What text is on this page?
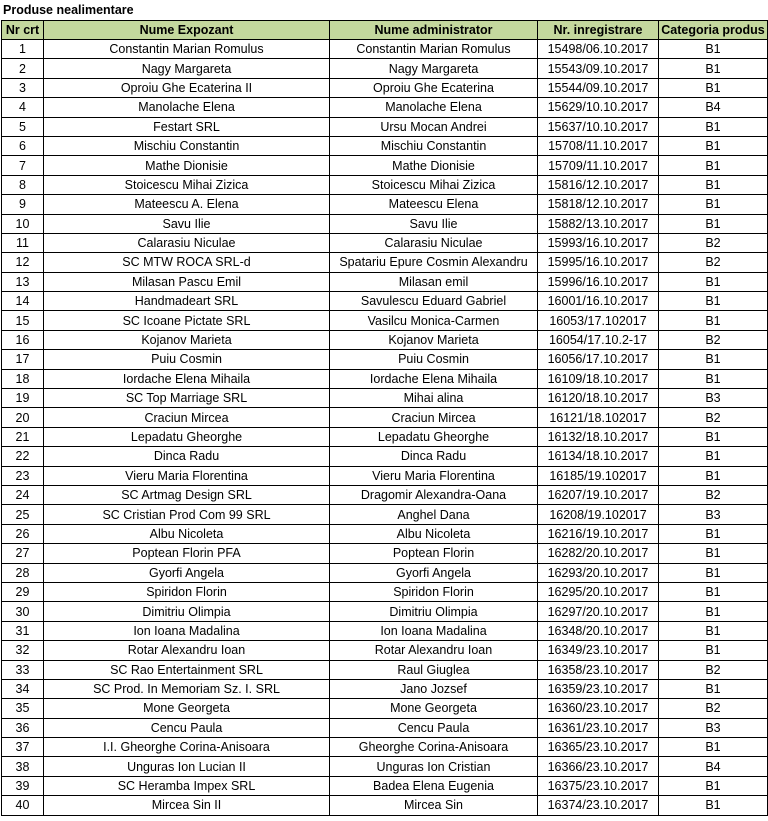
Produse nealimentare
Nr crt	Nume Expozant	Nume administrator	Nr. inregistrare	Categoria produs
1	Constantin Marian Romulus	Constantin Marian Romulus	15498/06.10.2017	B1
2	Nagy Margareta	Nagy Margareta	15543/09.10.2017	B1
3	Oproiu Ghe Ecaterina II	Oproiu Ghe Ecaterina	15544/09.10.2017	B1
4	Manolache Elena	Manolache Elena	15629/10.10.2017	B4
5	Festart SRL	Ursu Mocan Andrei	15637/10.10.2017	B1
6	Mischiu Constantin	Mischiu Constantin	15708/11.10.2017	B1
7	Mathe Dionisie	Mathe Dionisie	15709/11.10.2017	B1
8	Stoicescu Mihai Zizica	Stoicescu Mihai Zizica	15816/12.10.2017	B1
9	Mateescu A. Elena	Mateescu Elena	15818/12.10.2017	B1
10	Savu Ilie	Savu Ilie	15882/13.10.2017	B1
11	Calarasiu Niculae	Calarasiu Niculae	15993/16.10.2017	B2
12	SC MTW ROCA SRL-d	Spatariu Epure Cosmin Alexandru	15995/16.10.2017	B2
13	Milasan Pascu Emil	Milasan emil	15996/16.10.2017	B1
14	Handmadeart SRL	Savulescu Eduard Gabriel	16001/16.10.2017	B1
15	SC Icoane Pictate SRL	Vasilcu Monica-Carmen	16053/17.102017	B1
16	Kojanov Marieta	Kojanov Marieta	16054/17.10.2-17	B2
17	Puiu Cosmin	Puiu Cosmin	16056/17.10.2017	B1
18	Iordache Elena Mihaila	Iordache Elena Mihaila	16109/18.10.2017	B1
19	SC Top Marriage SRL	Mihai alina	16120/18.10.2017	B3
20	Craciun Mircea	Craciun Mircea	16121/18.102017	B2
21	Lepadatu Gheorghe	Lepadatu Gheorghe	16132/18.10.2017	B1
22	Dinca Radu	Dinca Radu	16134/18.10.2017	B1
23	Vieru Maria Florentina	Vieru Maria Florentina	16185/19.102017	B1
24	SC Artmag Design SRL	Dragomir Alexandra-Oana	16207/19.10.2017	B2
25	SC Cristian Prod Com 99 SRL	Anghel Dana	16208/19.102017	B3
26	Albu Nicoleta	Albu Nicoleta	16216/19.10.2017	B1
27	Poptean Florin PFA	Poptean Florin	16282/20.10.2017	B1
28	Gyorfi Angela	Gyorfi Angela	16293/20.10.2017	B1
29	Spiridon Florin	Spiridon Florin	16295/20.10.2017	B1
30	Dimitriu Olimpia	Dimitriu Olimpia	16297/20.10.2017	B1
31	Ion Ioana Madalina	Ion Ioana Madalina	16348/20.10.2017	B1
32	Rotar Alexandru Ioan	Rotar Alexandru Ioan	16349/23.10.2017	B1
33	SC Rao Entertainment SRL	Raul Giuglea	16358/23.10.2017	B2
34	SC Prod. In Memoriam Sz. I. SRL	Jano Jozsef	16359/23.10.2017	B1
35	Mone Georgeta	Mone Georgeta	16360/23.10.2017	B2
36	Cencu Paula	Cencu Paula	16361/23.10.2017	B3
37	I.I. Gheorghe Corina-Anisoara	Gheorghe Corina-Anisoara	16365/23.10.2017	B1
38	Unguras Ion Lucian II	Unguras Ion Cristian	16366/23.10.2017	B4
39	SC Heramba Impex SRL	Badea Elena Eugenia	16375/23.10.2017	B1
40	Mircea Sin II	Mircea Sin	16374/23.10.2017	B1
